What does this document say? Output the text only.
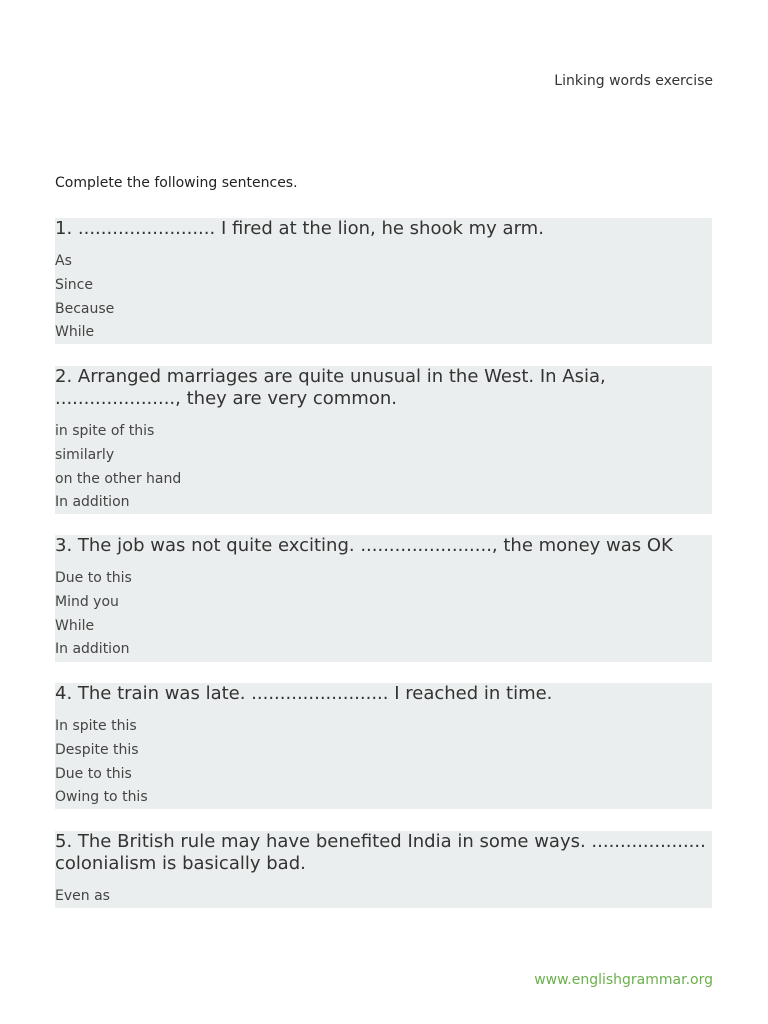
Linking words exercise
Complete the following sentences.

1. ........................ I fired at the lion, he shook my arm.

As
Since
Because
While

2. Arranged marriages are quite unusual in the West. In Asia, ....................., they are very common.

in spite of this
similarly
on the other hand
In addition

3. The job was not quite exciting. ......................., the money was OK

Due to this
Mind you
While
In addition

4. The train was late. ........................ I reached in time.

In spite this
Despite this
Due to this
Owing to this

5. The British rule may have benefited India in some ways. .................... colonialism is basically bad.

Even as
www.englishgrammar.org
